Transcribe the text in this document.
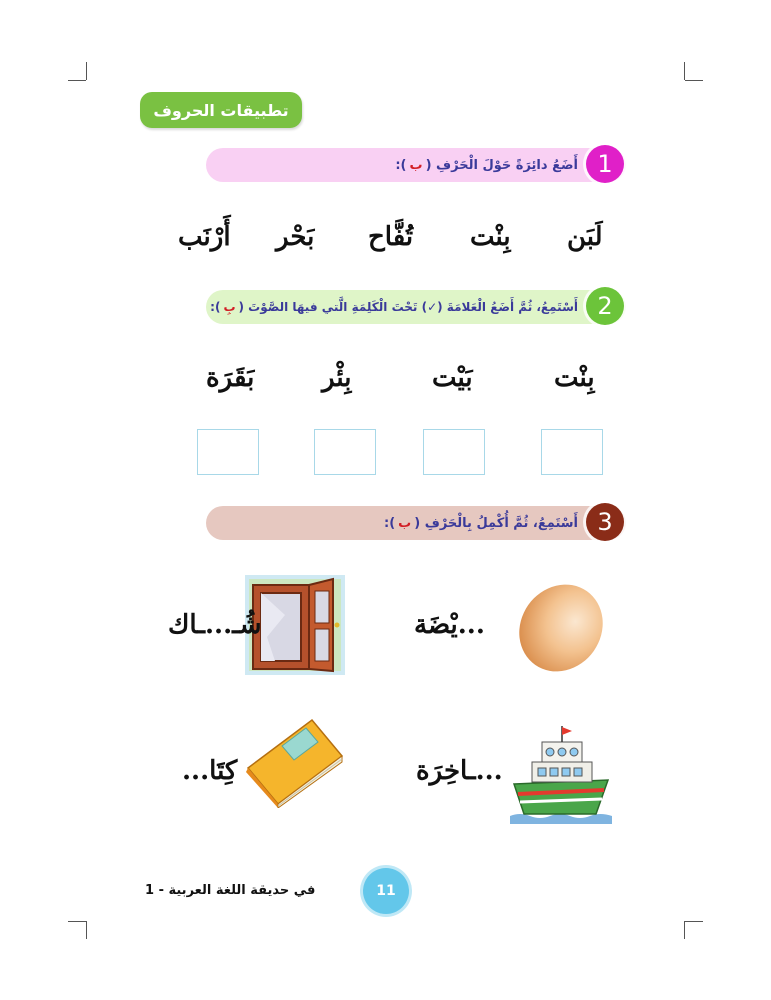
تطبيقات الحروف
1
أَضَعُ دائِرَةً حَوْلَ الْحَرْفِ (
ب
):
لَبَن
بِنْت
تُفَّاح
بَحْر
أَرْنَب
2
أَسْتَمِعُ، ثُمَّ أَضَعُ الْعَلامَةَ (✓) تَحْتَ الْكَلِمَةِ الَّتي فيهَا الصَّوْتَ (
بِ
):
بِنْت
بَيْت
بِئْر
بَقَرَة
3
أَسْتَمِعُ، ثُمَّ أُكْمِلُ بِالْحَرْفِ (
ب
):
...يْضَة
شُـ...ـاك
...ـاخِرَة
كِتَا...
في حديقة اللغة العربية - 1	11
